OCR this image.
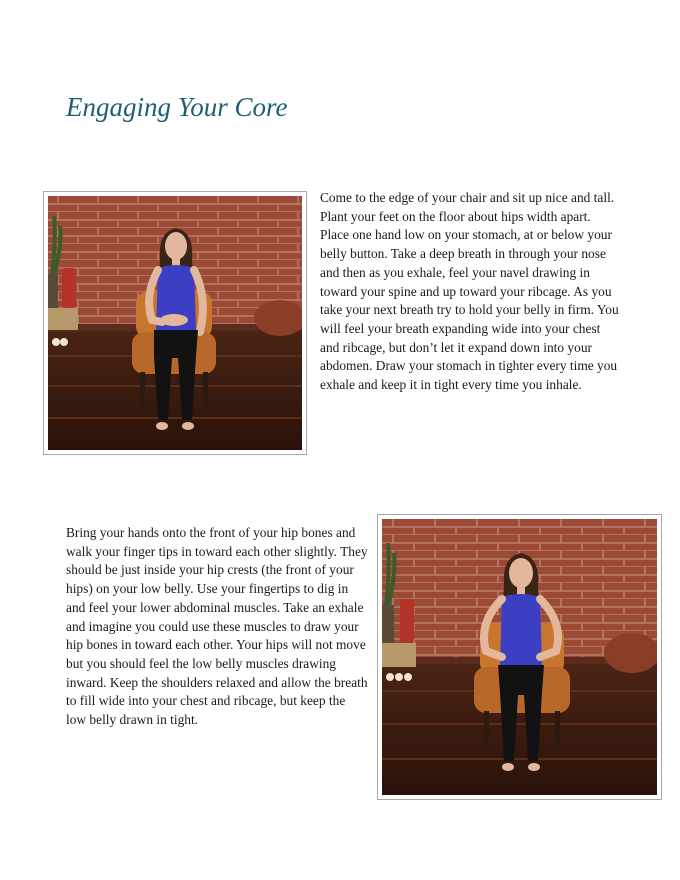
Engaging Your Core

Come to the edge of your chair and sit up nice and tall. Plant your feet on the floor about hips width apart. Place one hand low on your stomach, at or below your belly button. Take a deep breath in through your nose and then as you exhale, feel your navel drawing in toward your spine and up toward your ribcage. As you take your next breath try to hold your belly in firm. You will feel your breath expanding wide into your chest and ribcage, but don’t let it expand down into your abdomen. Draw your stomach in tighter every time you exhale and keep it in tight every time you inhale.

Bring your hands onto the front of your hip bones and walk your finger tips in toward each other slightly. They should be just inside your hip crests (the front of your hips) on your low belly. Use your fingertips to dig in and feel your lower abdominal muscles. Take an exhale and imagine you could use these muscles to draw your hip bones in toward each other. Your hips will not move but you should feel the low belly muscles drawing inward. Keep the shoulders relaxed and allow the breath to fill wide into your chest and ribcage, but keep the low belly drawn in tight.
